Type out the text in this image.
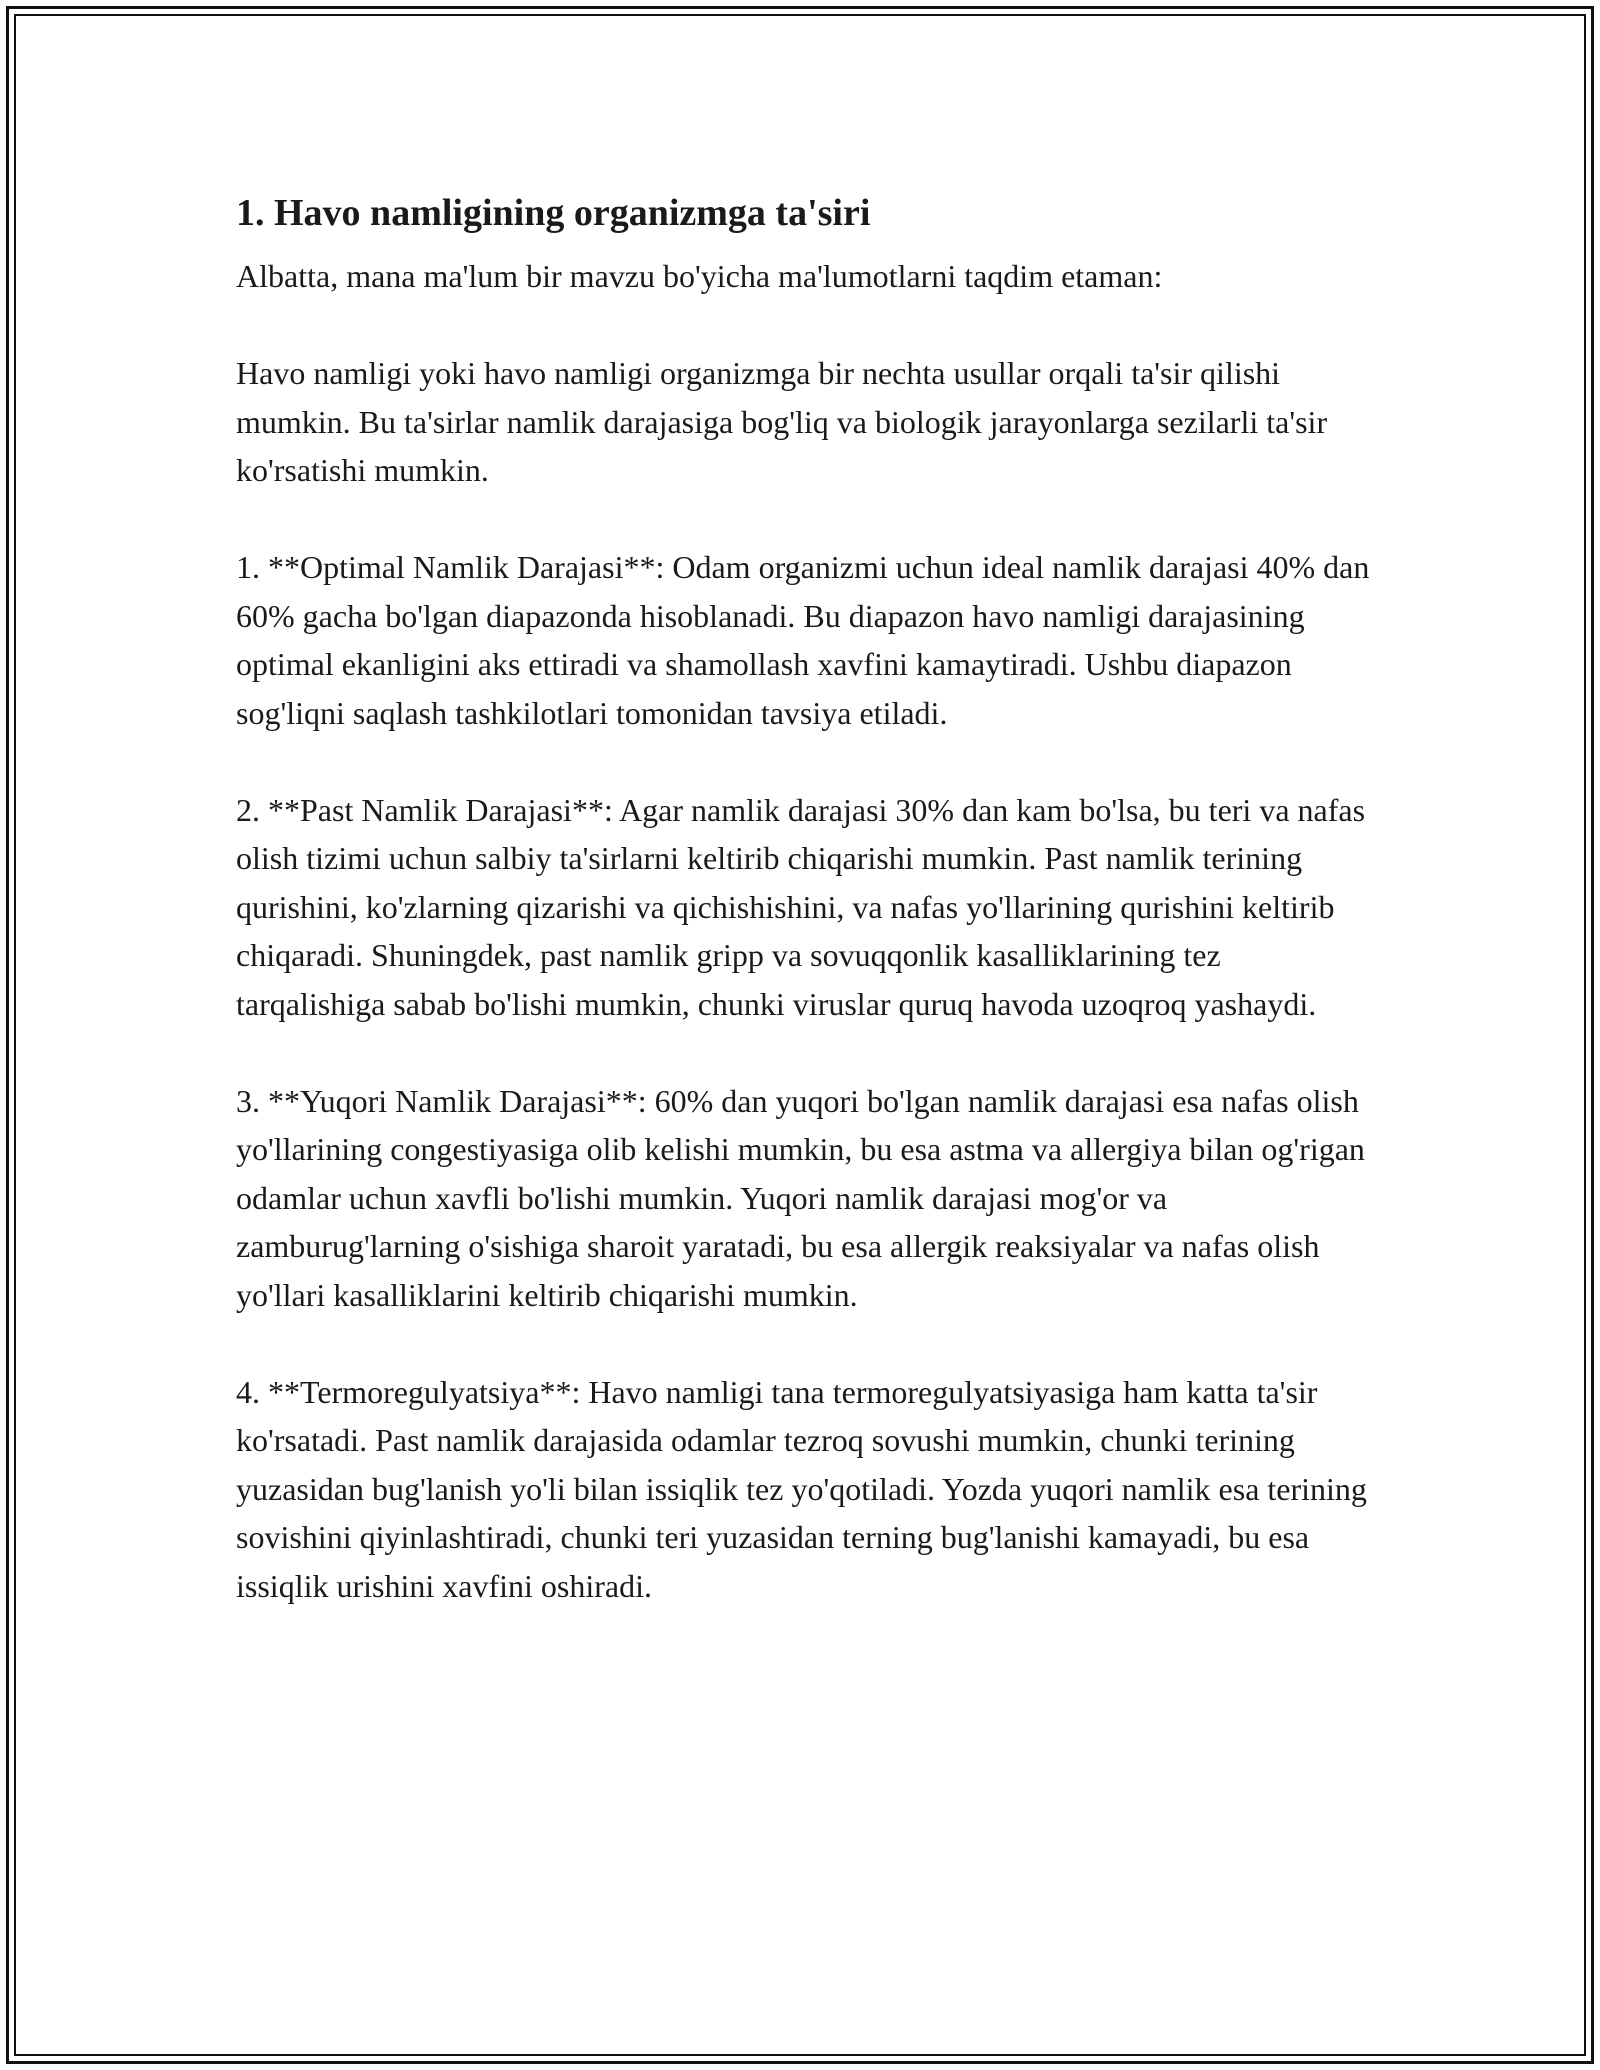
1. Havo namligining organizmga ta'siri

Albatta, mana ma'lum bir mavzu bo'yicha ma'lumotlarni taqdim etaman:

Havo namligi yoki havo namligi organizmga bir nechta usullar orqali ta'sir qilishi mumkin. Bu ta'sirlar namlik darajasiga bog'liq va biologik jarayonlarga sezilarli ta'sir ko'rsatishi mumkin.

1. **Optimal Namlik Darajasi**: Odam organizmi uchun ideal namlik darajasi 40% dan 60% gacha bo'lgan diapazonda hisoblanadi. Bu diapazon havo namligi darajasining optimal ekanligini aks ettiradi va shamollash xavfini kamaytiradi. Ushbu diapazon sog'liqni saqlash tashkilotlari tomonidan tavsiya etiladi.

2. **Past Namlik Darajasi**: Agar namlik darajasi 30% dan kam bo'lsa, bu teri va nafas olish tizimi uchun salbiy ta'sirlarni keltirib chiqarishi mumkin. Past namlik terining qurishini, ko'zlarning qizarishi va qichishishini, va nafas yo'llarining qurishini keltirib chiqaradi. Shuningdek, past namlik gripp va sovuqqonlik kasalliklarining tez tarqalishiga sabab bo'lishi mumkin, chunki viruslar quruq havoda uzoqroq yashaydi.

3. **Yuqori Namlik Darajasi**: 60% dan yuqori bo'lgan namlik darajasi esa nafas olish yo'llarining congestiyasiga olib kelishi mumkin, bu esa astma va allergiya bilan og'rigan odamlar uchun xavfli bo'lishi mumkin. Yuqori namlik darajasi mog'or va zamburug'larning o'sishiga sharoit yaratadi, bu esa allergik reaksiyalar va nafas olish yo'llari kasalliklarini keltirib chiqarishi mumkin.

4. **Termoregulyatsiya**: Havo namligi tana termoregulyatsiyasiga ham katta ta'sir ko'rsatadi. Past namlik darajasida odamlar tezroq sovushi mumkin, chunki terining yuzasidan bug'lanish yo'li bilan issiqlik tez yo'qotiladi. Yozda yuqori namlik esa terining sovishini qiyinlashtiradi, chunki teri yuzasidan terning bug'lanishi kamayadi, bu esa issiqlik urishini xavfini oshiradi.
